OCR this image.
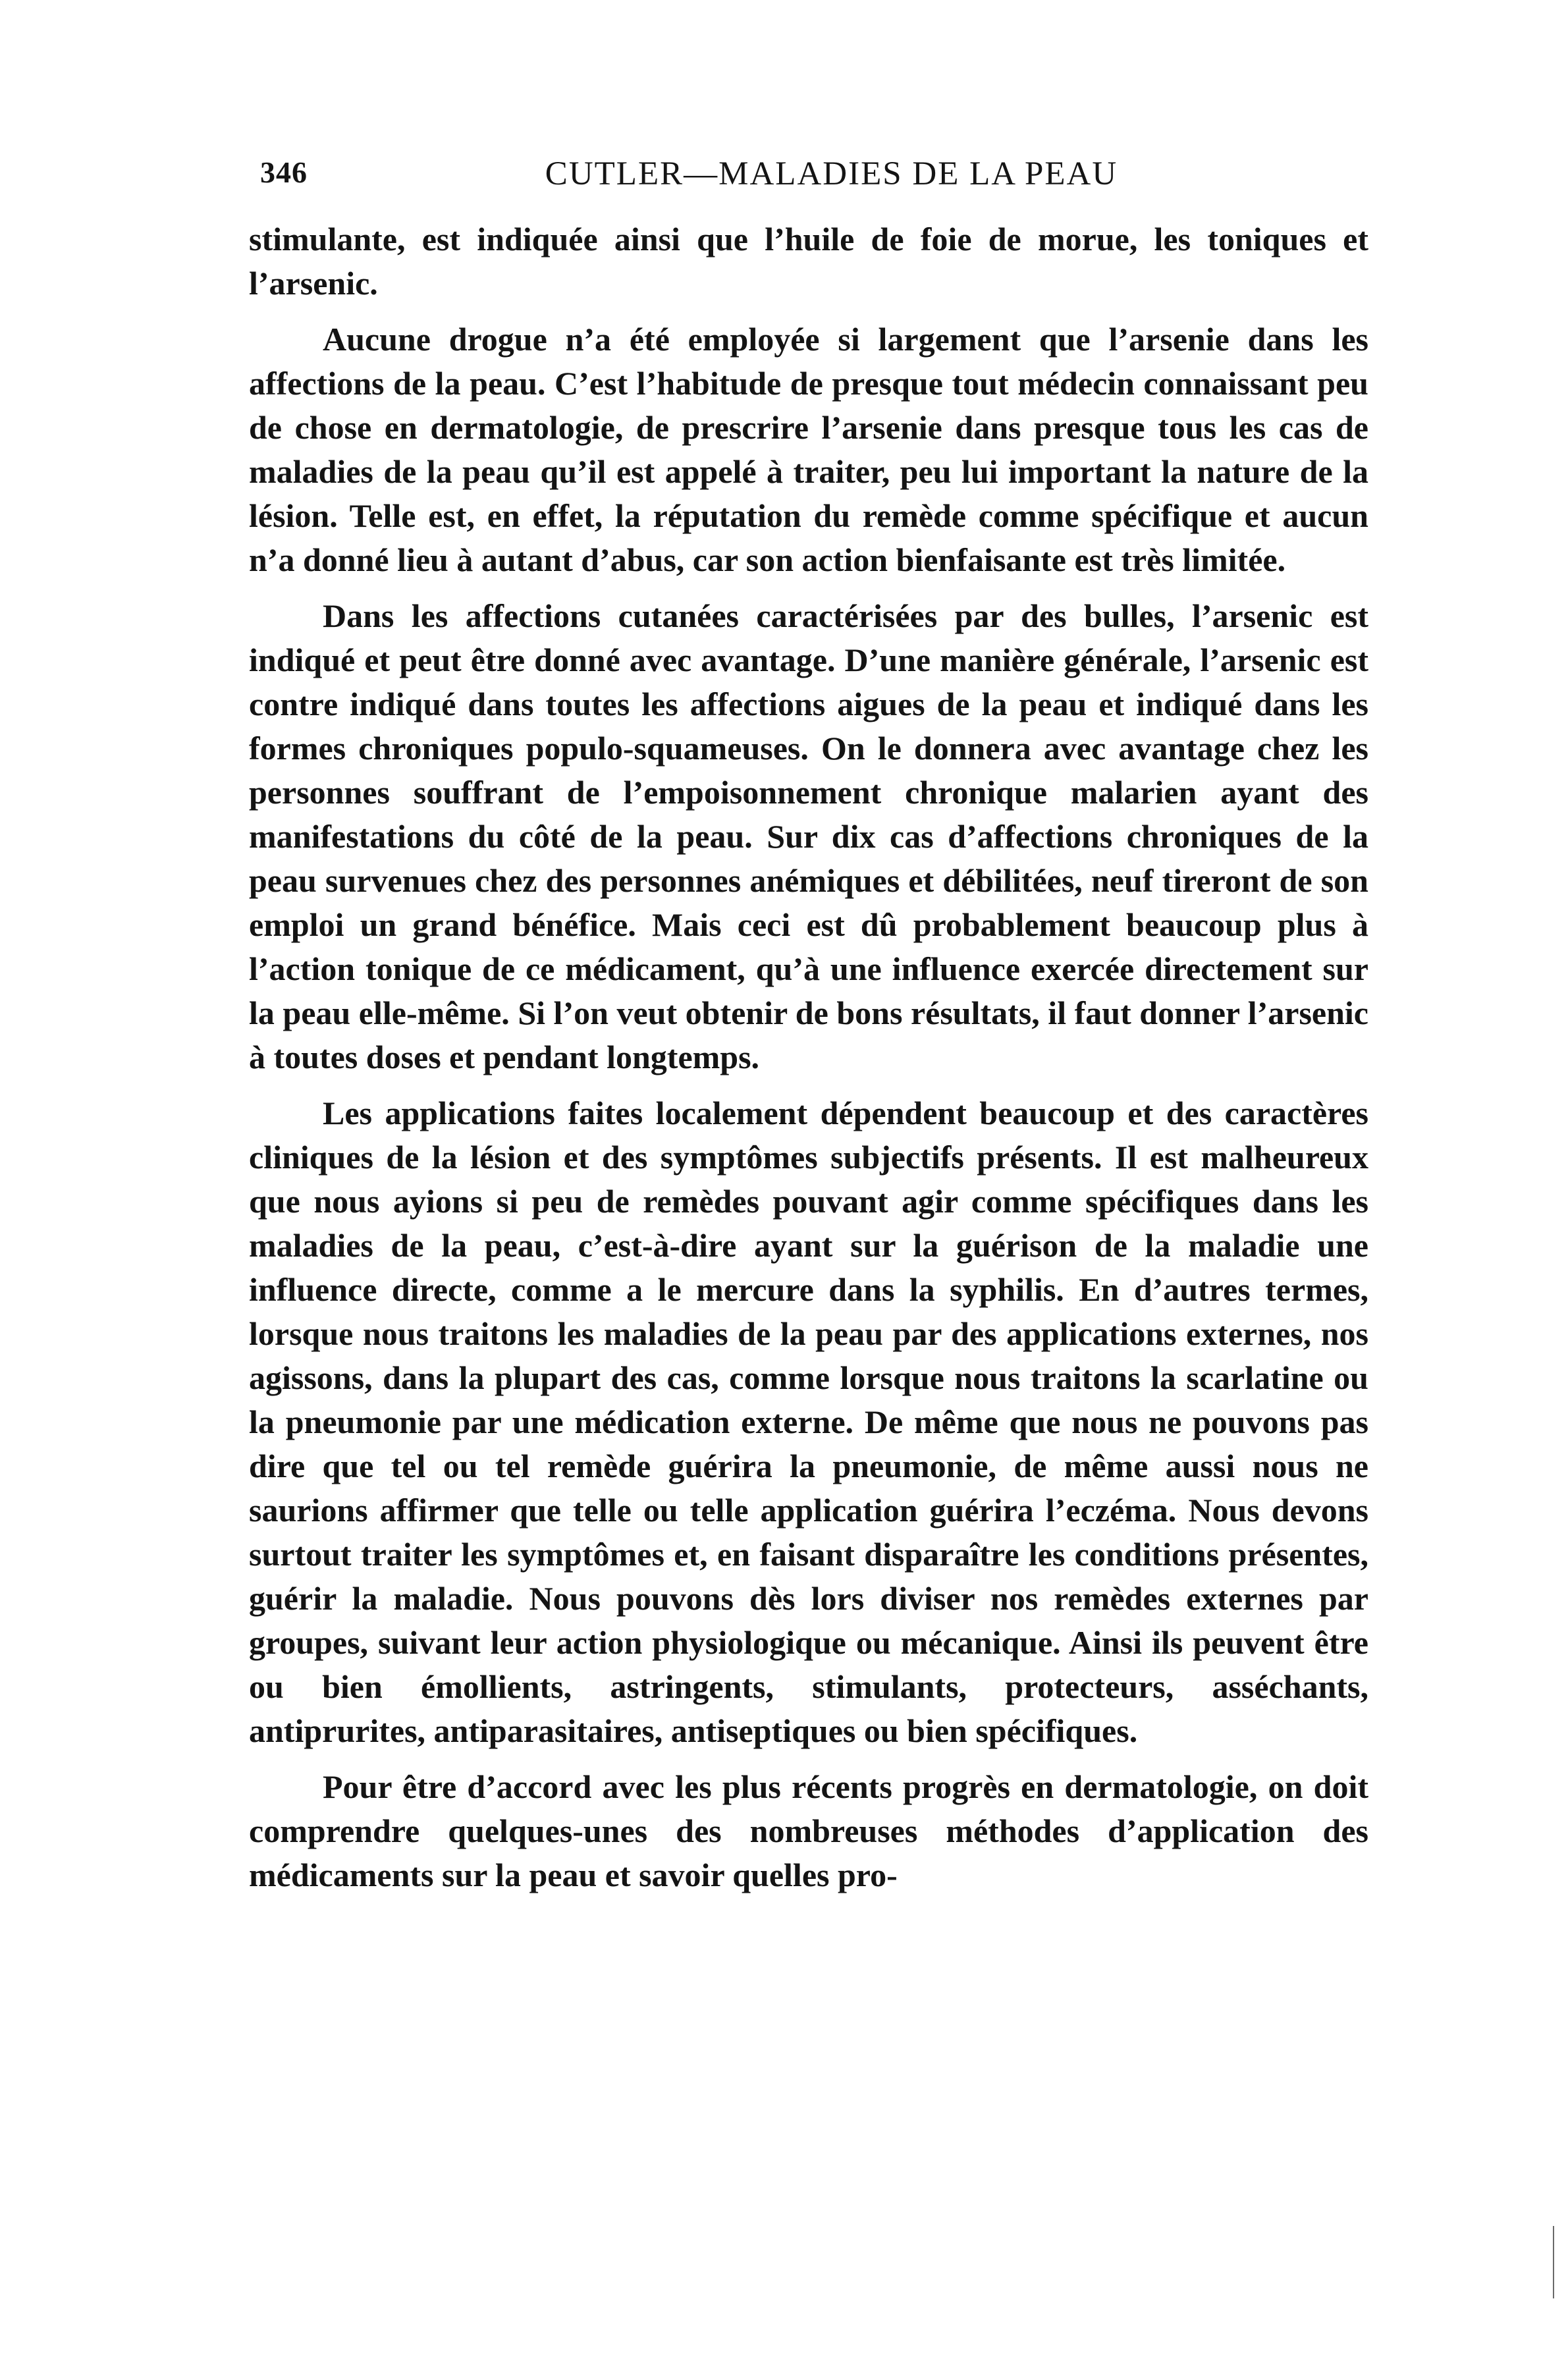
346	CUTLER—MALADIES DE LA PEAU

stimulante, est indiquée ainsi que l’huile de foie de morue, les toniques et l’arsenic.

Aucune drogue n’a été employée si largement que l’arsenie dans les affections de la peau. C’est l’habitude de presque tout médecin connaissant peu de chose en dermatologie, de prescrire l’arsenie dans presque tous les cas de maladies de la peau qu’il est appelé à traiter, peu lui important la nature de la lésion. Telle est, en effet, la réputation du remède comme spécifique et aucun n’a donné lieu à autant d’abus, car son action bienfaisante est très limitée.

Dans les affections cutanées caractérisées par des bulles, l’arsenic est indiqué et peut être donné avec avantage. D’une manière générale, l’arsenic est contre indiqué dans toutes les affections aigues de la peau et indiqué dans les formes chroniques populo-squameuses. On le donnera avec avantage chez les personnes souffrant de l’empoisonnement chronique malarien ayant des manifestations du côté de la peau. Sur dix cas d’affections chroniques de la peau survenues chez des personnes anémiques et débilitées, neuf tireront de son emploi un grand bénéfice. Mais ceci est dû probablement beaucoup plus à l’action tonique de ce médicament, qu’à une influence exercée directement sur la peau elle-même. Si l’on veut obtenir de bons résultats, il faut donner l’arsenic à toutes doses et pendant longtemps.

Les applications faites localement dépendent beaucoup et des caractères cliniques de la lésion et des symptômes subjectifs présents. Il est malheureux que nous ayions si peu de remèdes pouvant agir comme spécifiques dans les maladies de la peau, c’est-à-dire ayant sur la guérison de la maladie une influence directe, comme a le mercure dans la syphilis. En d’autres termes, lorsque nous traitons les maladies de la peau par des applications externes, nos agissons, dans la plupart des cas, comme lorsque nous traitons la scarlatine ou la pneumonie par une médication externe. De même que nous ne pouvons pas dire que tel ou tel remède guérira la pneumonie, de même aussi nous ne saurions affirmer que telle ou telle application guérira l’eczéma. Nous devons surtout traiter les symptômes et, en faisant disparaître les conditions présentes, guérir la maladie. Nous pouvons dès lors diviser nos remèdes externes par groupes, suivant leur action physiologique ou mécanique. Ainsi ils peuvent être ou bien émollients, astringents, stimulants, protecteurs, asséchants, antiprurites, antiparasitaires, antiseptiques ou bien spécifiques.

Pour être d’accord avec les plus récents progrès en dermatologie, on doit comprendre quelques-unes des nombreuses méthodes d’application des médicaments sur la peau et savoir quelles pro-
